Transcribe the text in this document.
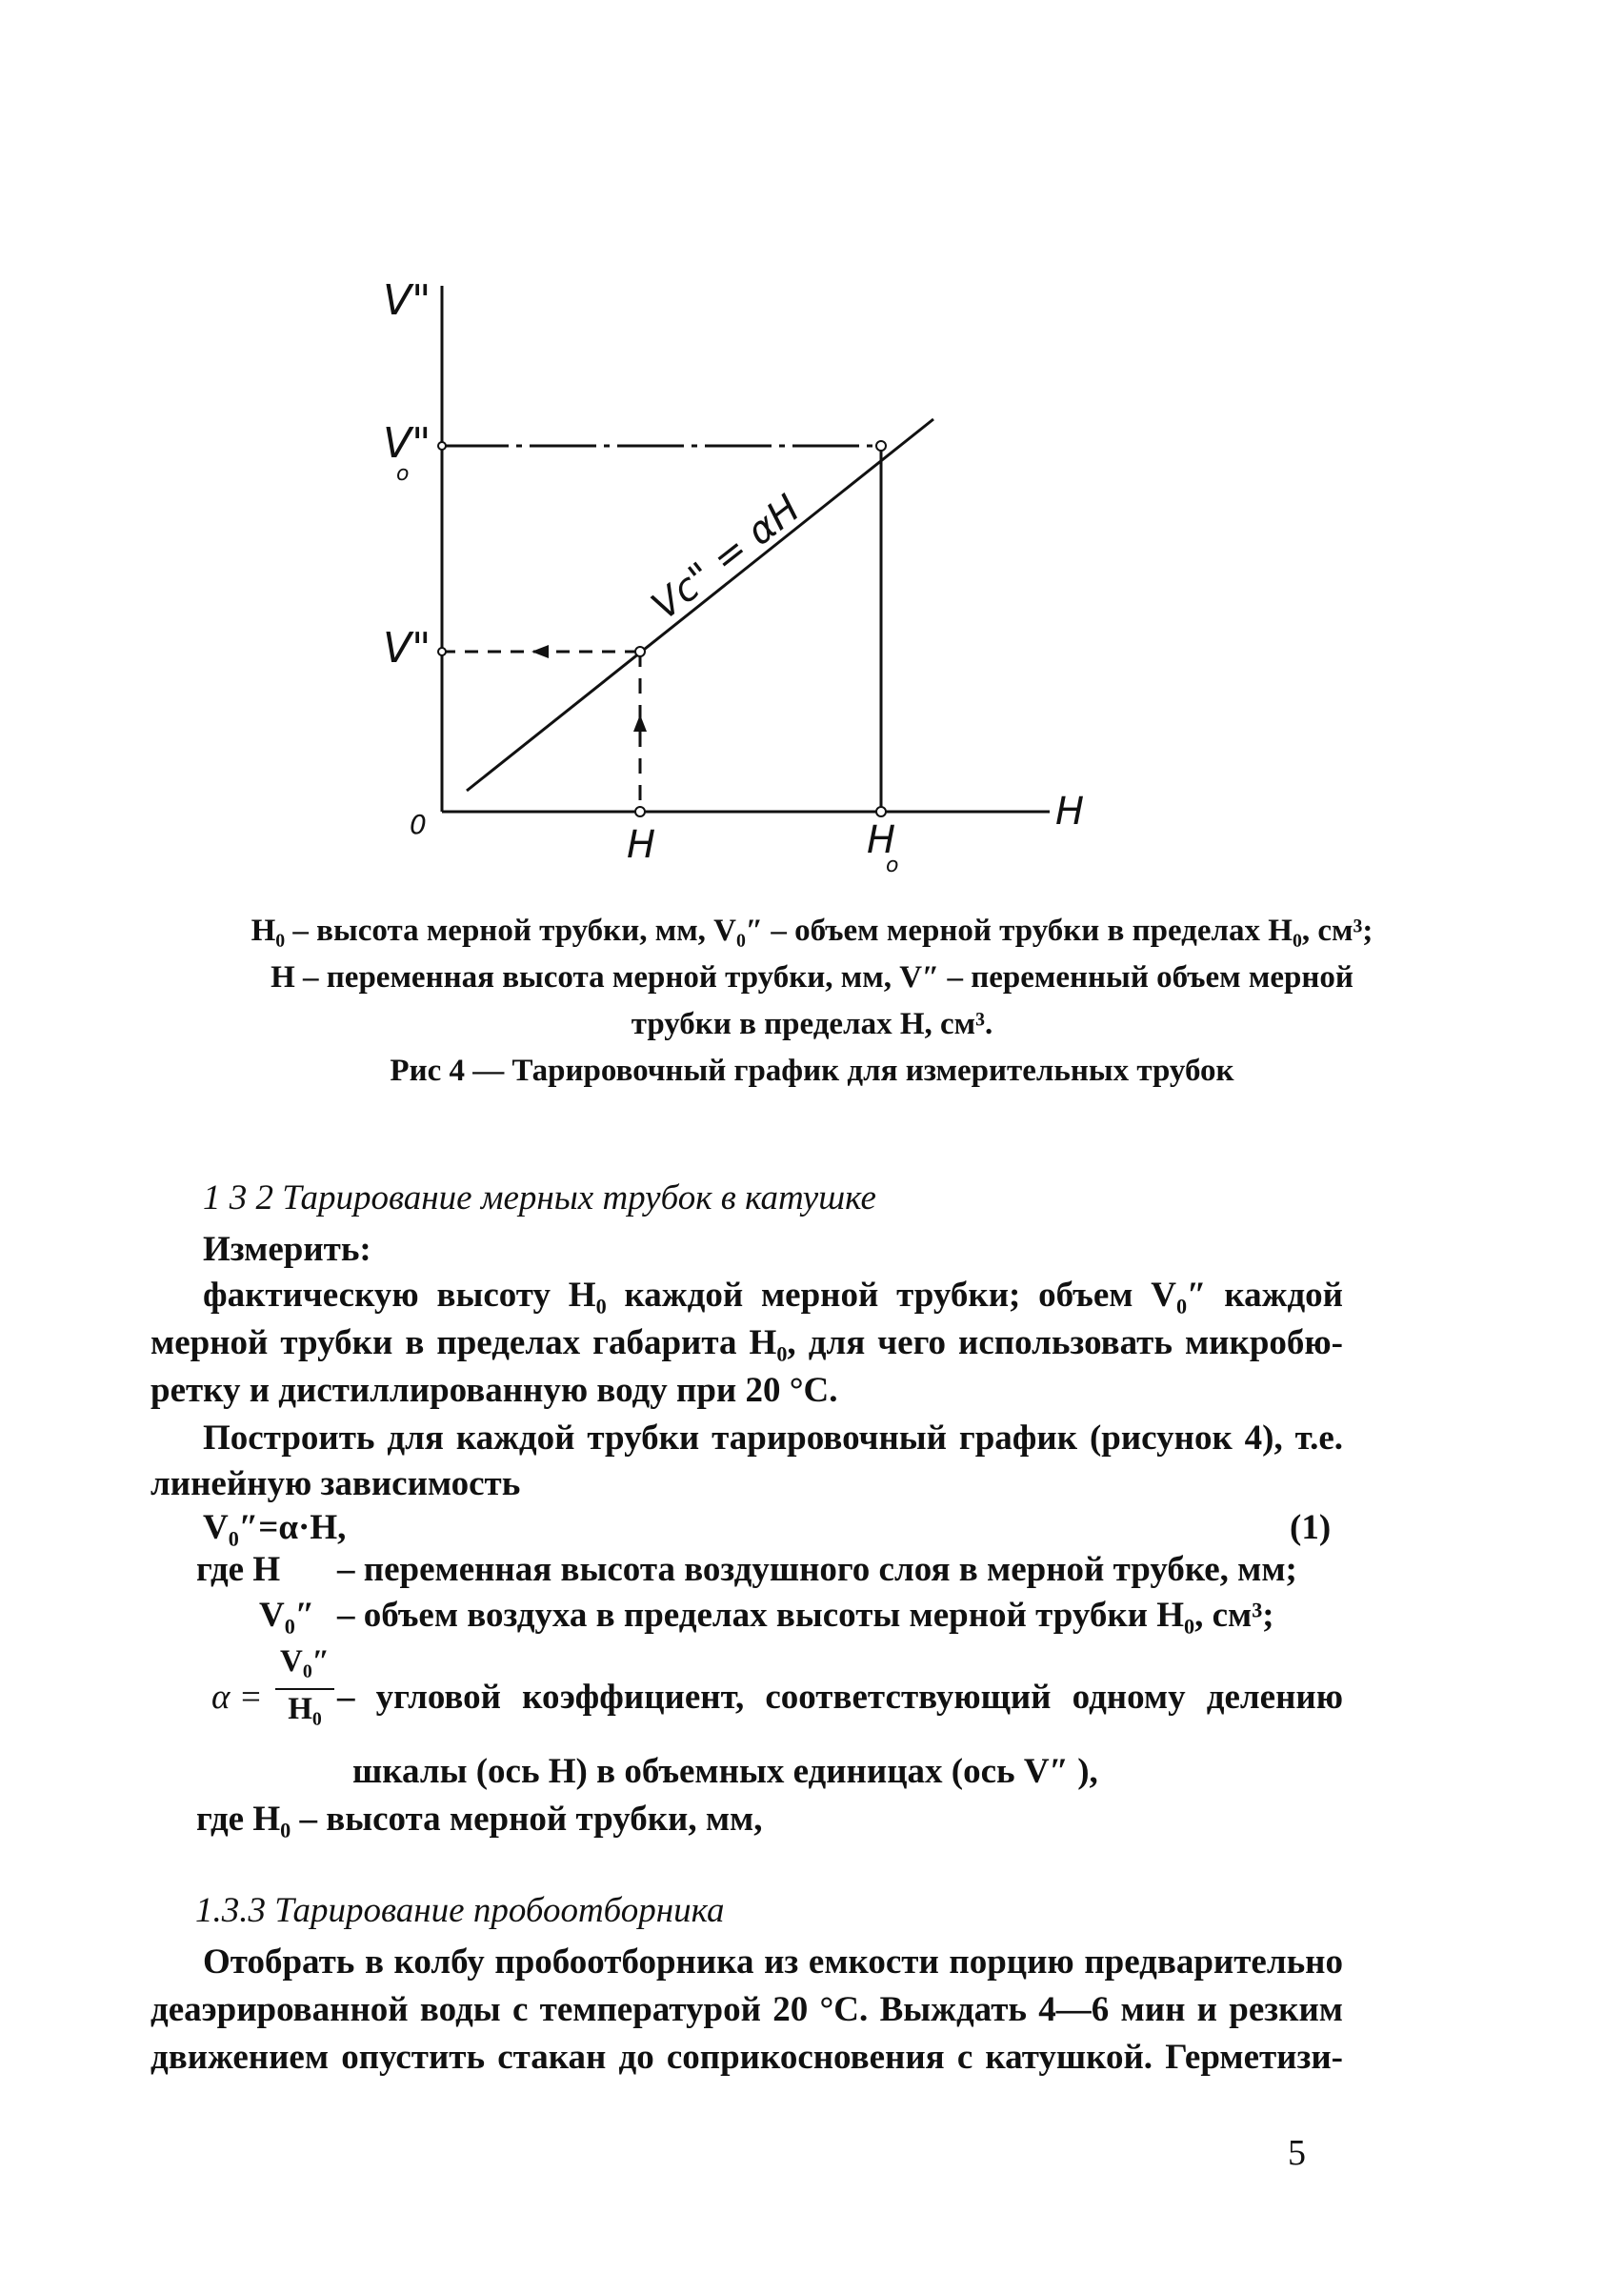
V"
V"
o
V"
0	H	H
o
H
Vc" = αH
H₀ – высота мерной трубки, мм, V₀″ – объем мерной трубки в пределах H₀, см³;
H – переменная высота мерной трубки, мм, V″ – переменный объем мерной
трубки в пределах H, см³.
Рис 4 — Тарировочный график для измерительных трубок
1 3 2 Тарирование мерных трубок в катушке
Измерить:
фактическую высоту H₀ каждой мерной трубки; объем V₀″ каждой
мерной трубки в пределах габарита H₀, для чего использовать микробю-
ретку и дистиллированную воду при 20 °С.
Построить для каждой трубки тарировочный график (рисунок 4), т.е.
линейную зависимость
V₀″=α·H,	(1)
где H – переменная высота воздушного слоя в мерной трубке, мм;
V₀″ – объем воздуха в пределах высоты мерной трубки H₀, см³;
α =
V₀″
H₀ – угловой коэффициент, соответствующий одному делению
шкалы (ось H) в объемных единицах (ось V″ ),
где H₀ – высота мерной трубки, мм,
1.3.3 Тарирование пробоотборника
Отобрать в колбу пробоотборника из емкости порцию предварительно
деаэрированной воды с температурой 20 °С. Выждать 4—6 мин и резким
движением опустить стакан до соприкосновения с катушкой. Герметизи-
5
